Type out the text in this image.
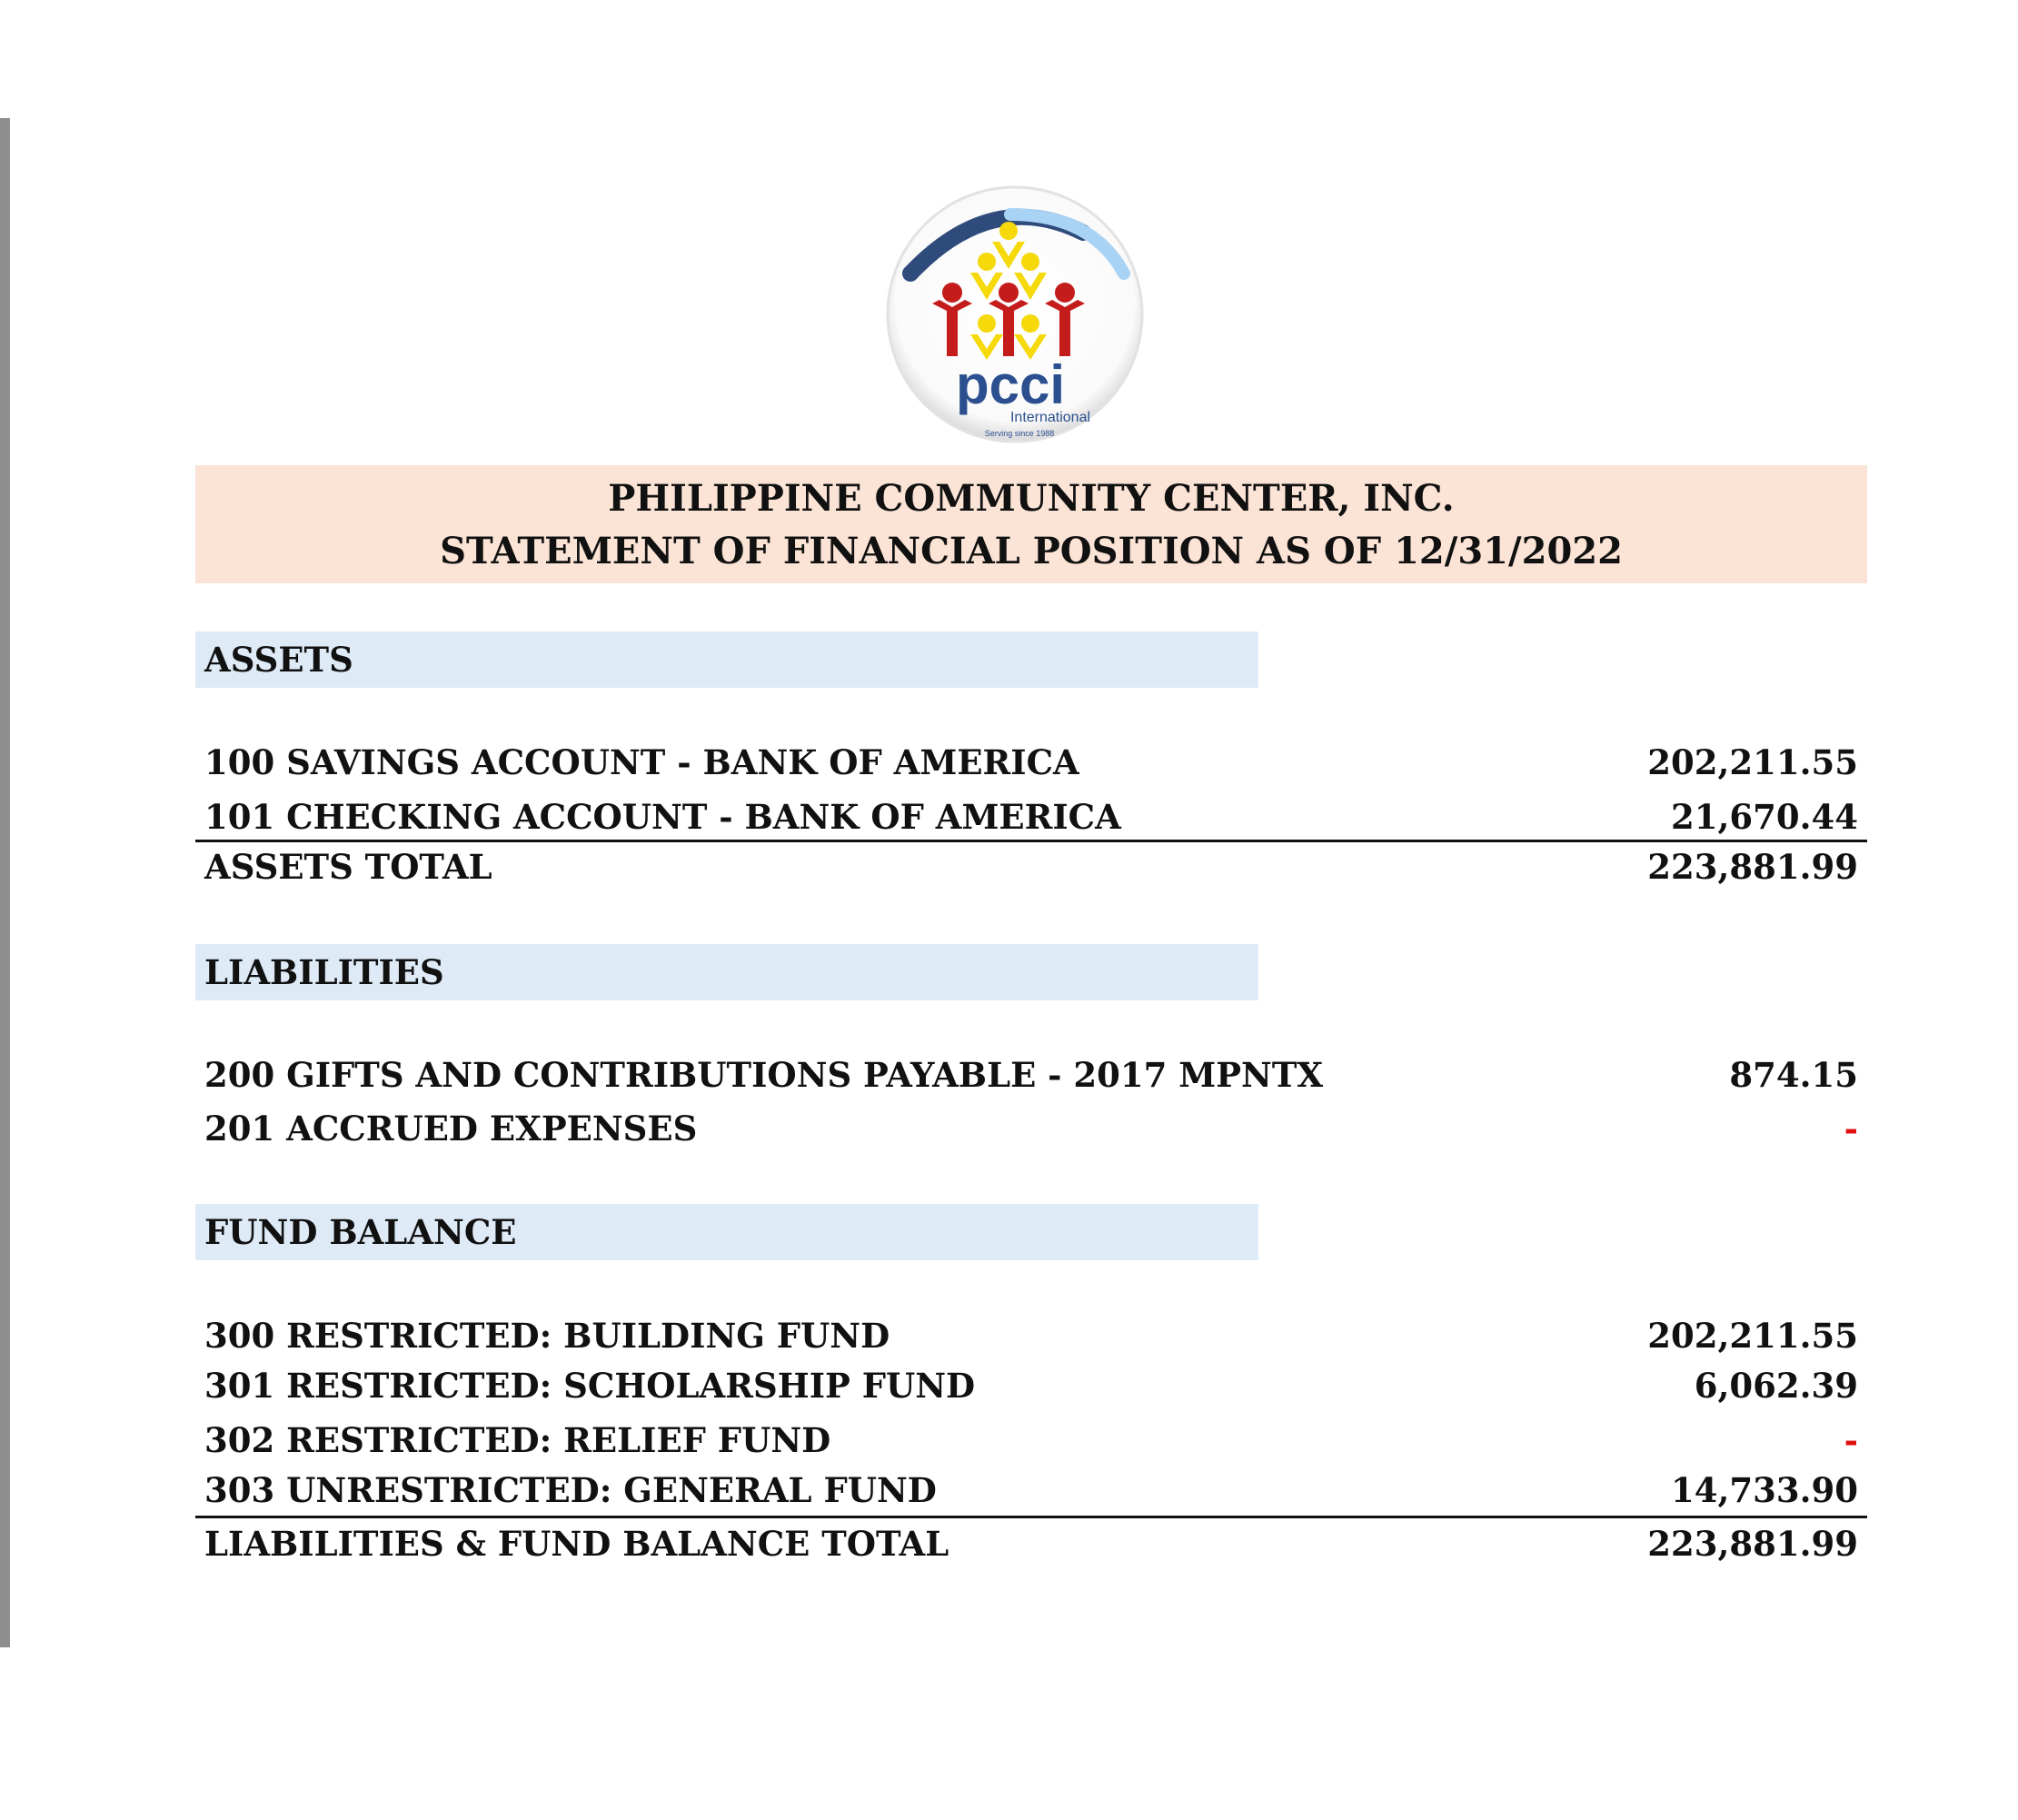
pcci
International
Serving since 1988
PHILIPPINE COMMUNITY CENTER, INC.
STATEMENT OF FINANCIAL POSITION AS OF 12/31/2022
ASSETS
100 SAVINGS ACCOUNT - BANK OF AMERICA	202,211.55
101 CHECKING ACCOUNT - BANK OF AMERICA	21,670.44
ASSETS TOTAL	223,881.99
LIABILITIES
200 GIFTS AND CONTRIBUTIONS PAYABLE - 2017 MPNTX	874.15
201 ACCRUED EXPENSES	-
FUND BALANCE
300 RESTRICTED: BUILDING FUND	202,211.55
301 RESTRICTED: SCHOLARSHIP FUND	6,062.39
302 RESTRICTED: RELIEF FUND	-
303 UNRESTRICTED: GENERAL FUND	14,733.90
LIABILITIES & FUND BALANCE TOTAL	223,881.99
